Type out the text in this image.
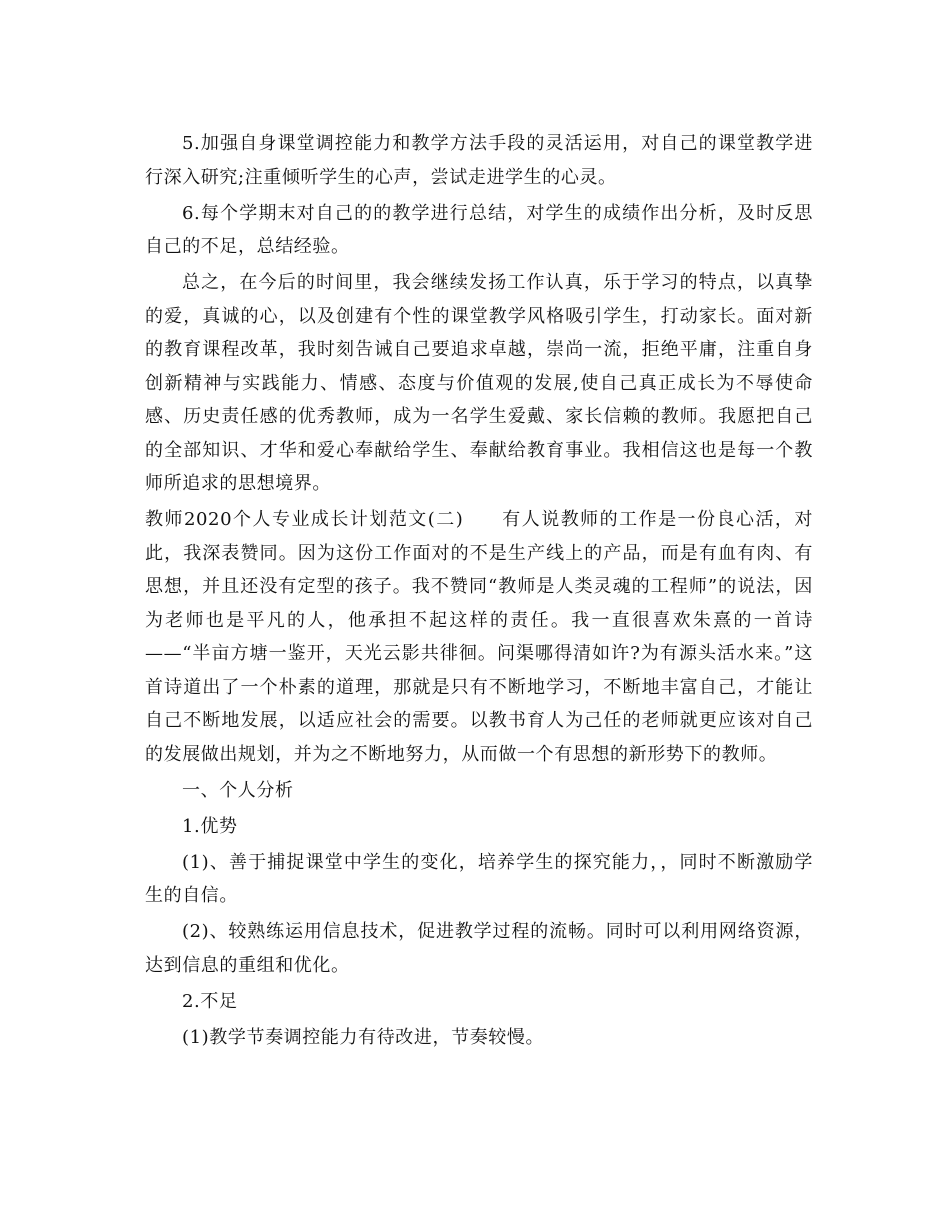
5.加强自身课堂调控能力和教学方法手段的灵活运用，对自己的课堂教学进行深入研究;注重倾听学生的心声，尝试走进学生的心灵。

6.每个学期末对自己的的教学进行总结，对学生的成绩作出分析，及时反思自己的不足，总结经验。

总之，在今后的时间里，我会继续发扬工作认真，乐于学习的特点，以真挚的爱，真诚的心，以及创建有个性的课堂教学风格吸引学生，打动家长。面对新的教育课程改革，我时刻告诫自己要追求卓越，崇尚一流，拒绝平庸，注重自身创新精神与实践能力、情感、态度与价值观的发展,使自己真正成长为不辱使命感、历史责任感的优秀教师，成为一名学生爱戴、家长信赖的教师。我愿把自己的全部知识、才华和爱心奉献给学生、奉献给教育事业。我相信这也是每一个教师所追求的思想境界。

教师2020个人专业成长计划范文(二) 有人说教师的工作是一份良心活，对此，我深表赞同。因为这份工作面对的不是生产线上的产品，而是有血有肉、有思想，并且还没有定型的孩子。我不赞同“教师是人类灵魂的工程师”的说法，因为老师也是平凡的人，他承担不起这样的责任。我一直很喜欢朱熹的一首诗——“半亩方塘一鉴开，天光云影共徘徊。问渠哪得清如许?为有源头活水来。”这首诗道出了一个朴素的道理，那就是只有不断地学习，不断地丰富自己，才能让自己不断地发展，以适应社会的需要。以教书育人为己任的老师就更应该对自己的发展做出规划，并为之不断地努力，从而做一个有思想的新形势下的教师。

一、个人分析

1.优势

(1)、善于捕捉课堂中学生的变化，培养学生的探究能力，，同时不断激励学生的自信。

(2)、较熟练运用信息技术，促进教学过程的流畅。同时可以利用网络资源，达到信息的重组和优化。

2.不足

(1)教学节奏调控能力有待改进，节奏较慢。
